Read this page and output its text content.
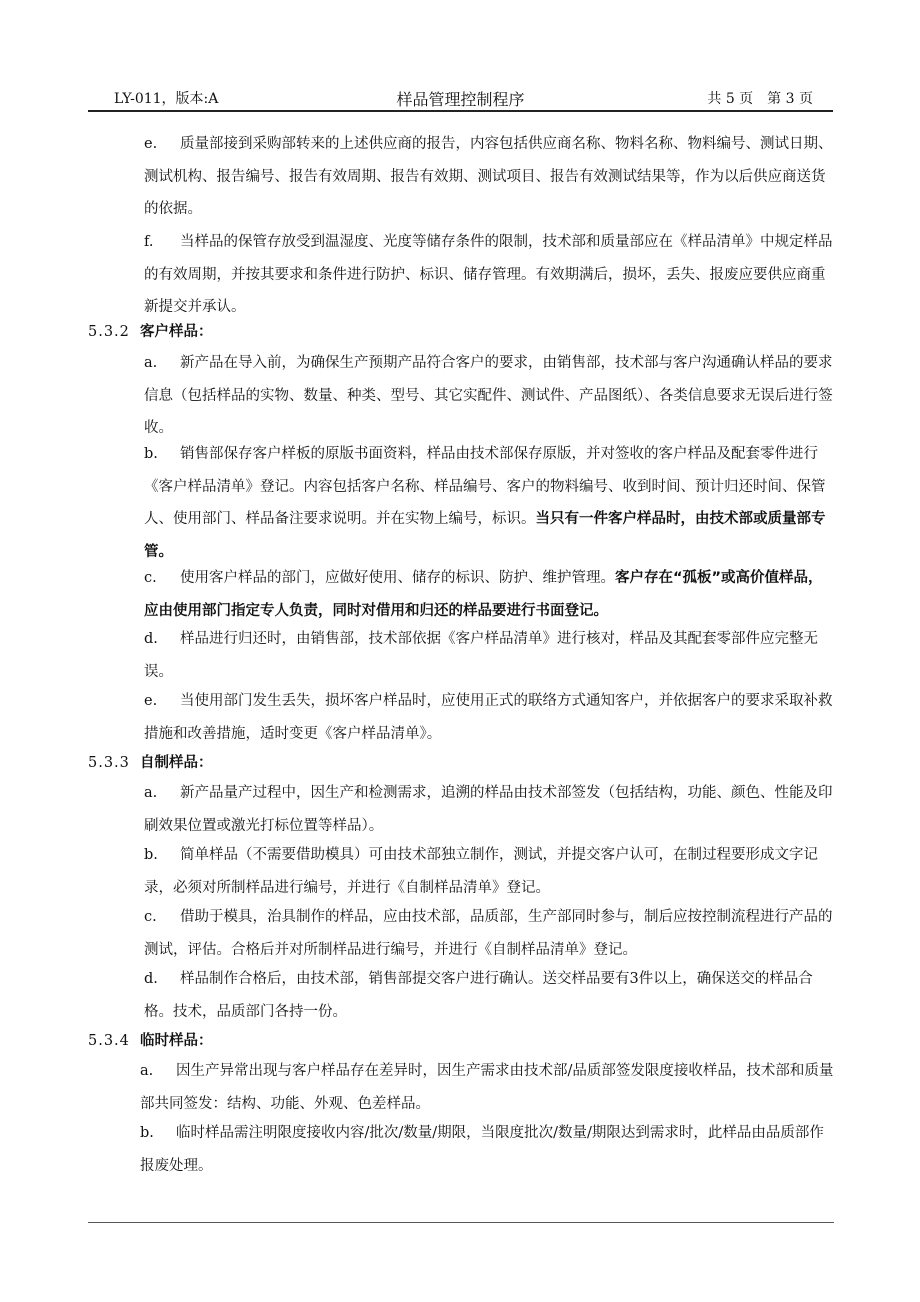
LY-011，版本:A	样品管理控制程序	共 5 页　第 3 页
e. 质量部接到采购部转来的上述供应商的报告，内容包括供应商名称、物料名称、物料编号、测试日期、测试机构、报告编号、报告有效周期、报告有效期、测试项目、报告有效测试结果等，作为以后供应商送货的依据。
f. 当样品的保管存放受到温湿度、光度等储存条件的限制，技术部和质量部应在《样品清单》中规定样品的有效周期，并按其要求和条件进行防护、标识、储存管理。有效期满后，损坏，丢失、报废应要供应商重新提交并承认。
5.3.2 客户样品：
a. 新产品在导入前，为确保生产预期产品符合客户的要求，由销售部，技术部与客户沟通确认样品的要求信息（包括样品的实物、数量、种类、型号、其它实配件、测试件、产品图纸）、各类信息要求无误后进行签收。
b. 销售部保存客户样板的原版书面资料，样品由技术部保存原版，并对签收的客户样品及配套零件进行《客户样品清单》登记。内容包括客户名称、样品编号、客户的物料编号、收到时间、预计归还时间、保管人、使用部门、样品备注要求说明。并在实物上编号，标识。当只有一件客户样品时，由技术部或质量部专管。
c. 使用客户样品的部门，应做好使用、储存的标识、防护、维护管理。客户存在“孤板”或高价值样品，应由使用部门指定专人负责，同时对借用和归还的样品要进行书面登记。
d. 样品进行归还时，由销售部，技术部依据《客户样品清单》进行核对，样品及其配套零部件应完整无误。
e. 当使用部门发生丢失，损坏客户样品时，应使用正式的联络方式通知客户，并依据客户的要求采取补救措施和改善措施，适时变更《客户样品清单》。
5.3.3 自制样品：
a. 新产品量产过程中，因生产和检测需求，追溯的样品由技术部签发（包括结构，功能、颜色、性能及印刷效果位置或激光打标位置等样品）。
b. 简单样品（不需要借助模具）可由技术部独立制作，测试，并提交客户认可，在制过程要形成文字记录，必须对所制样品进行编号，并进行《自制样品清单》登记。
c. 借助于模具，治具制作的样品，应由技术部，品质部，生产部同时参与，制后应按控制流程进行产品的测试，评估。合格后并对所制样品进行编号，并进行《自制样品清单》登记。
d. 样品制作合格后，由技术部，销售部提交客户进行确认。送交样品要有3件以上，确保送交的样品合格。技术，品质部门各持一份。
5.3.4 临时样品：
a. 因生产异常出现与客户样品存在差异时，因生产需求由技术部/品质部签发限度接收样品，技术部和质量部共同签发：结构、功能、外观、色差样品。
b. 临时样品需注明限度接收内容/批次/数量/期限，当限度批次/数量/期限达到需求时，此样品由品质部作报废处理。
